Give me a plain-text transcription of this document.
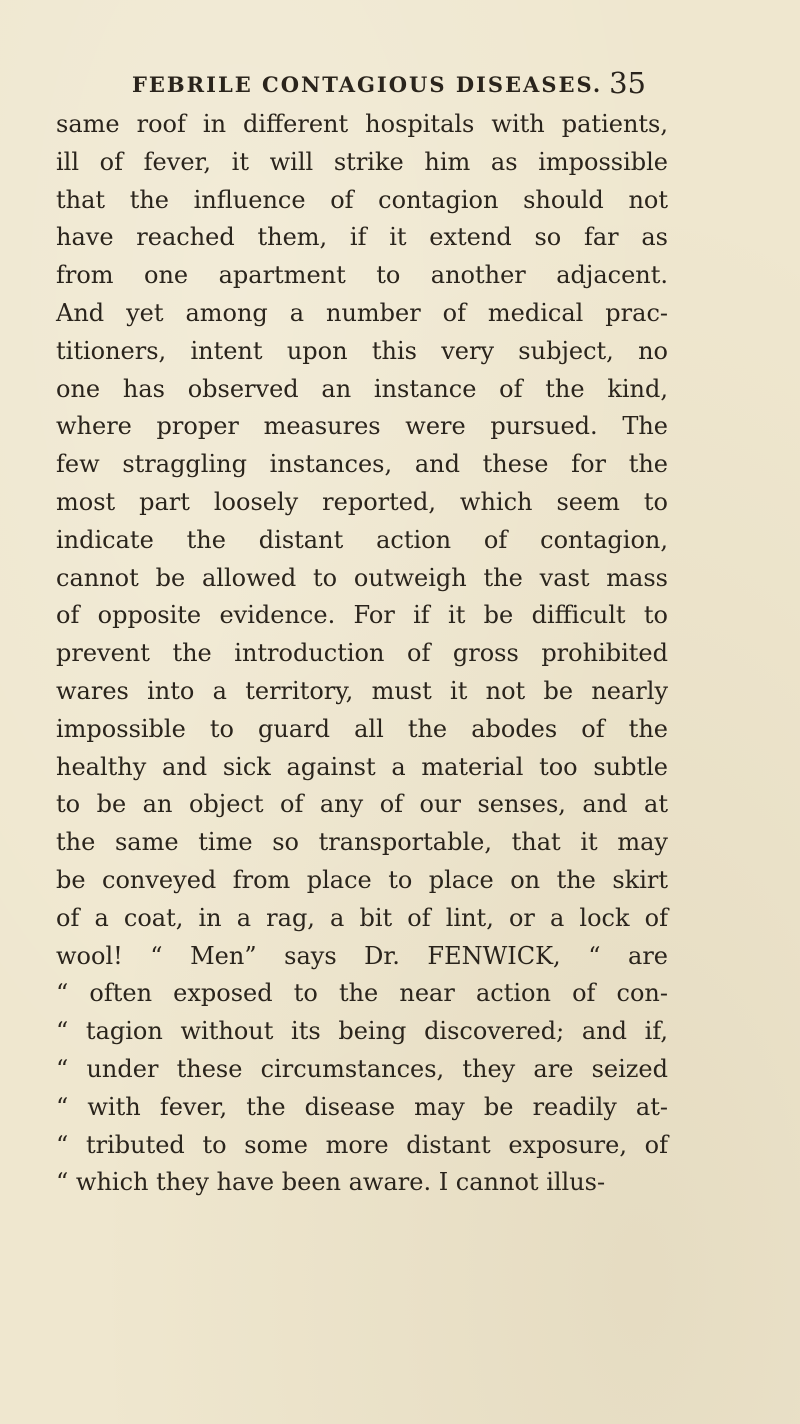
FEBRILE CONTAGIOUS DISEASES. 35
same roof in different hospitals with patients,
ill of fever, it will strike him as impossible
that the influence of contagion should not
have reached them, if it extend so far as
from one apartment to another adjacent.
And yet among a number of medical prac-
titioners, intent upon this very subject, no
one has observed an instance of the kind,
where proper measures were pursued. The
few straggling instances, and these for the
most part loosely reported, which seem to
indicate the distant action of contagion,
cannot be allowed to outweigh the vast mass
of opposite evidence. For if it be difficult to
prevent the introduction of gross prohibited
wares into a territory, must it not be nearly
impossible to guard all the abodes of the
healthy and sick against a material too subtle
to be an object of any of our senses, and at
the same time so transportable, that it may
be conveyed from place to place on the skirt
of a coat, in a rag, a bit of lint, or a lock of
wool! “ Men” says Dr. FENWICK, “ are
“ often exposed to the near action of con-
“ tagion without its being discovered; and if,
“ under these circumstances, they are seized
“ with fever, the disease may be readily at-
“ tributed to some more distant exposure, of
“ which they have been aware. I cannot illus-
